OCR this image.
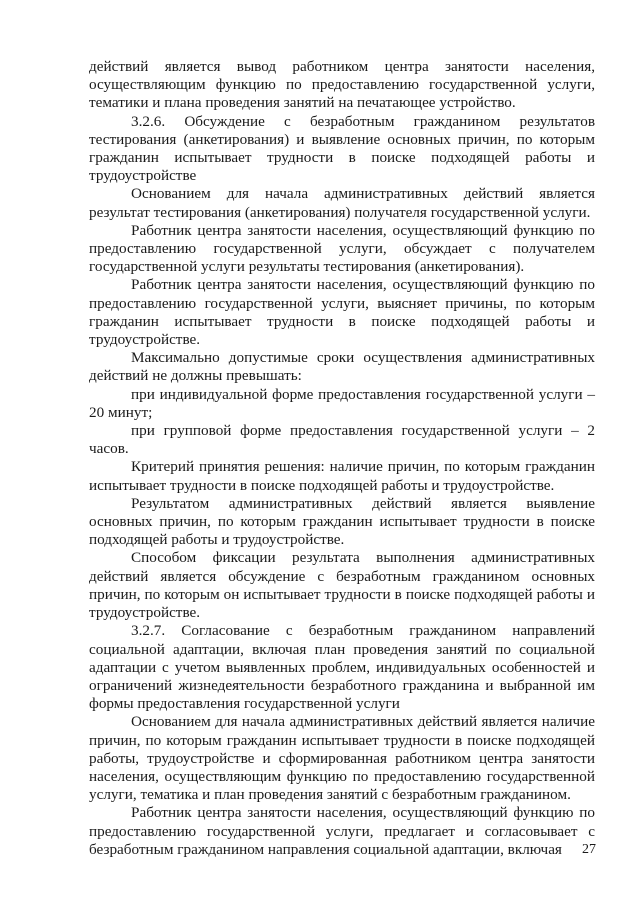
действий является вывод работником центра занятости населения, осуществляющим функцию по предоставлению государственной услуги, тематики и плана проведения занятий на печатающее устройство.

3.2.6. Обсуждение с безработным гражданином результатов тестирования (анкетирования) и выявление основных причин, по которым гражданин испытывает трудности в поиске подходящей работы и трудоустройстве

Основанием для начала административных действий является результат тестирования (анкетирования) получателя государственной услуги.

Работник центра занятости населения, осуществляющий функцию по предоставлению государственной услуги, обсуждает с получателем государственной услуги результаты тестирования (анкетирования).

Работник центра занятости населения, осуществляющий функцию по предоставлению государственной услуги, выясняет причины, по которым гражданин испытывает трудности в поиске подходящей работы и трудоустройстве.

Максимально допустимые сроки осуществления административных действий не должны превышать:

при индивидуальной форме предоставления государственной услуги – 20 минут;

при групповой форме предоставления государственной услуги – 2 часов.

Критерий принятия решения: наличие причин, по которым гражданин испытывает трудности в поиске подходящей работы и трудоустройстве.

Результатом административных действий является выявление основных причин, по которым гражданин испытывает трудности в поиске подходящей работы и трудоустройстве.

Способом фиксации результата выполнения административных действий является обсуждение с безработным гражданином основных причин, по которым он испытывает трудности в поиске подходящей работы и трудоустройстве.

3.2.7. Согласование с безработным гражданином направлений социальной адаптации, включая план проведения занятий по социальной адаптации с учетом выявленных проблем, индивидуальных особенностей и ограничений жизнедеятельности безработного гражданина и выбранной им формы предоставления государственной услуги

Основанием для начала административных действий является наличие причин, по которым гражданин испытывает трудности в поиске подходящей работы, трудоустройстве и сформированная работником центра занятости населения, осуществляющим функцию по предоставлению государственной услуги, тематика и план проведения занятий с безработным гражданином.

Работник центра занятости населения, осуществляющий функцию по предоставлению государственной услуги, предлагает и согласовывает с безработным гражданином направления социальной адаптации, включая	27
